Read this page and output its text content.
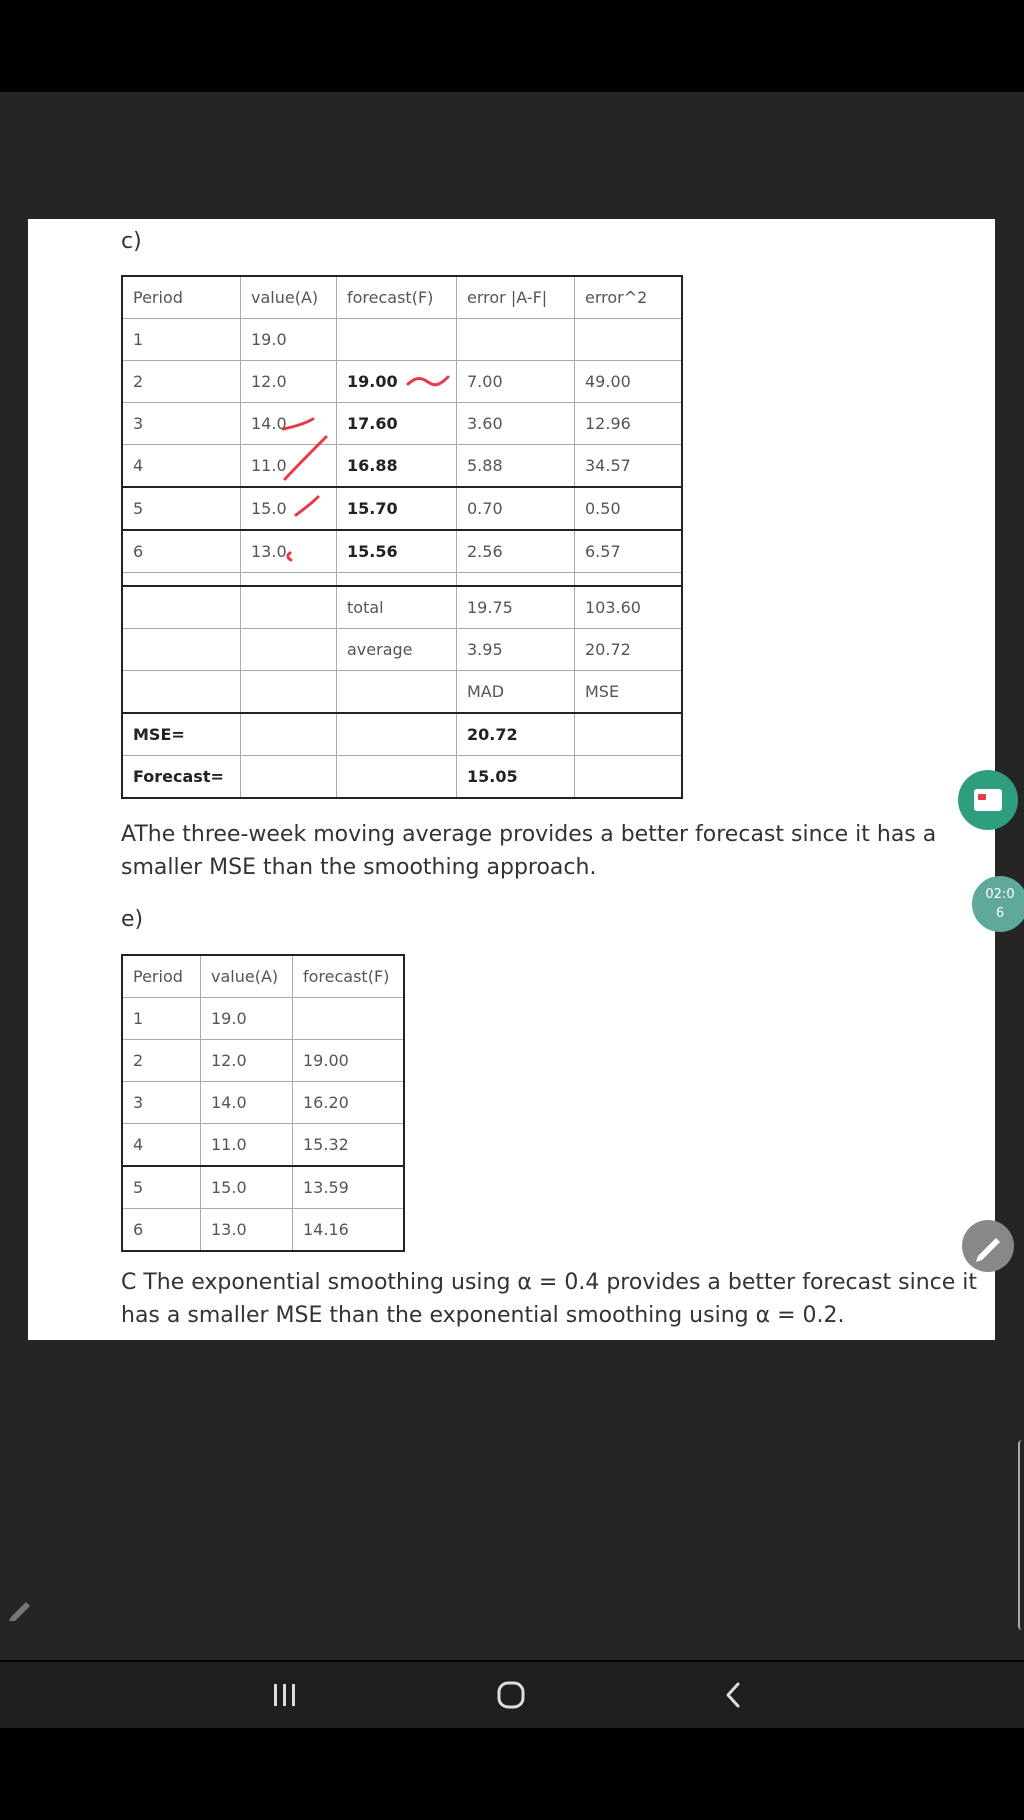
c)
Period	value(A)	forecast(F)	error |A-F|	error^2
1	19.0			
2	12.0	19.00	7.00	49.00
3	14.0	17.60	3.60	12.96
4	11.0	16.88	5.88	34.57
5	15.0	15.70	0.70	0.50
6	13.0	15.56	2.56	6.57

		total	19.75	103.60
		average	3.95	20.72
			MAD	MSE
MSE=			20.72	
Forecast=			15.05	
AThe three-week moving average provides a better forecast since it has a smaller MSE than the smoothing approach.
e)
Period	value(A)	forecast(F)
1	19.0	
2	12.0	19.00
3	14.0	16.20
4	11.0	15.32
5	15.0	13.59
6	13.0	14.16
C The exponential smoothing using α = 0.4 provides a better forecast since it has a smaller MSE than the exponential smoothing using α = 0.2.
02:0
6
